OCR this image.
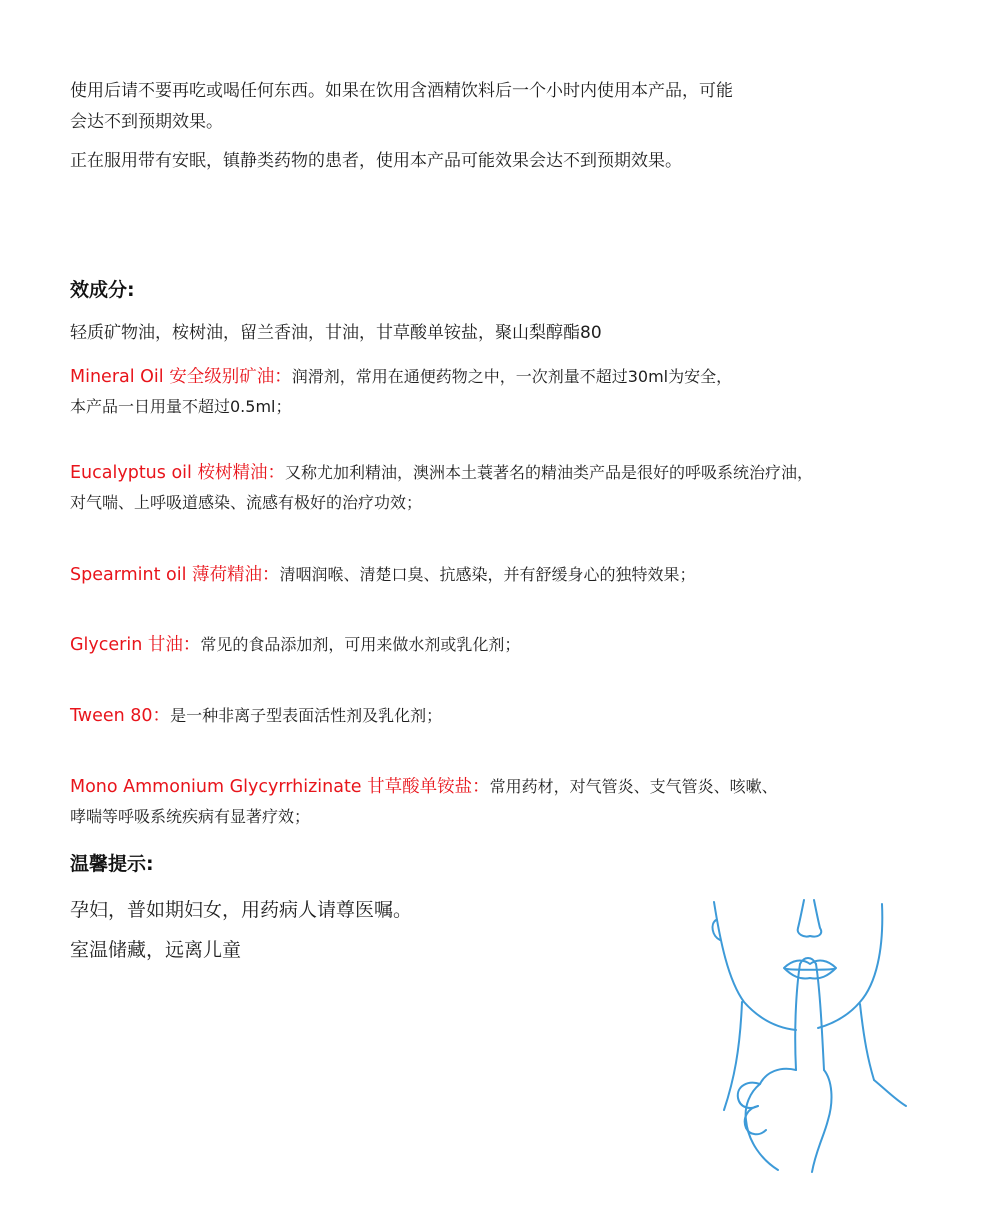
使用后请不要再吃或喝任何东西。如果在饮用含酒精饮料后一个小时内使用本产品，可能
会达不到预期效果。
正在服用带有安眠，镇静类药物的患者，使用本产品可能效果会达不到预期效果。
效成分:
轻质矿物油，桉树油，留兰香油，甘油，甘草酸单铵盐，聚山梨醇酯80
Mineral Oil 安全级别矿油：润滑剂，常用在通便药物之中，一次剂量不超过30ml为安全，
本产品一日用量不超过0.5ml；
Eucalyptus oil 桉树精油：又称尤加利精油，澳洲本土蓑著名的精油类产品是很好的呼吸系统治疗油，
对气喘、上呼吸道感染、流感有极好的治疗功效；
Spearmint oil 薄荷精油：清咽润喉、清楚口臭、抗感染，并有舒缓身心的独特效果；
Glycerin 甘油：常见的食品添加剂，可用来做水剂或乳化剂；
Tween 80：是一种非离子型表面活性剂及乳化剂；
Mono Ammonium Glycyrrhizinate 甘草酸单铵盐：常用药材，对气管炎、支气管炎、咳嗽、
哮喘等呼吸系统疾病有显著疗效；
温馨提示:
孕妇，普如期妇女，用药病人请尊医嘱。
室温储藏，远离儿童
